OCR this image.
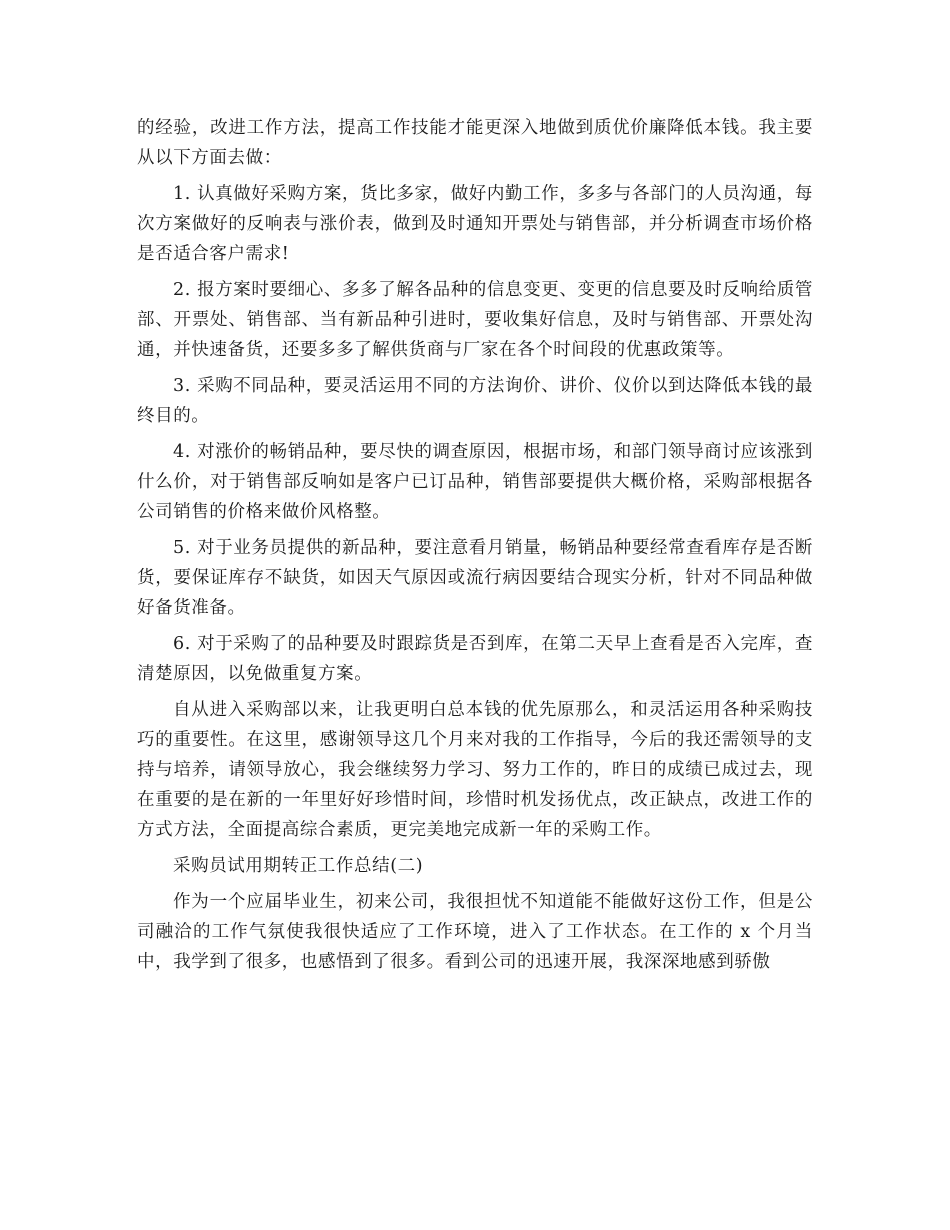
的经验，改进工作方法，提高工作技能才能更深入地做到质优价廉降低本钱。我主要从以下方面去做：

1. 认真做好采购方案，货比多家，做好内勤工作，多多与各部门的人员沟通，每次方案做好的反响表与涨价表，做到及时通知开票处与销售部，并分析调查市场价格是否适合客户需求!

2. 报方案时要细心、多多了解各品种的信息变更、变更的信息要及时反响给质管部、开票处、销售部、当有新品种引进时，要收集好信息，及时与销售部、开票处沟通，并快速备货，还要多多了解供货商与厂家在各个时间段的优惠政策等。

3. 采购不同品种，要灵活运用不同的方法询价、讲价、仪价以到达降低本钱的最终目的。

4. 对涨价的畅销品种，要尽快的调查原因，根据市场，和部门领导商讨应该涨到什么价，对于销售部反响如是客户已订品种，销售部要提供大概价格，采购部根据各公司销售的价格来做价风格整。

5. 对于业务员提供的新品种，要注意看月销量，畅销品种要经常查看库存是否断货，要保证库存不缺货，如因天气原因或流行病因要结合现实分析，针对不同品种做好备货准备。

6. 对于采购了的品种要及时跟踪货是否到库，在第二天早上查看是否入完库，查清楚原因，以免做重复方案。

自从进入采购部以来，让我更明白总本钱的优先原那么，和灵活运用各种采购技巧的重要性。在这里，感谢领导这几个月来对我的工作指导，今后的我还需领导的支持与培养，请领导放心，我会继续努力学习、努力工作的，昨日的成绩已成过去，现在重要的是在新的一年里好好珍惜时间，珍惜时机发扬优点，改正缺点，改进工作的方式方法，全面提高综合素质，更完美地完成新一年的采购工作。

采购员试用期转正工作总结(二)

作为一个应届毕业生，初来公司，我很担忧不知道能不能做好这份工作，但是公司融洽的工作气氛使我很快适应了工作环境，进入了工作状态。在工作的 x 个月当中，我学到了很多，也感悟到了很多。看到公司的迅速开展，我深深地感到骄傲
